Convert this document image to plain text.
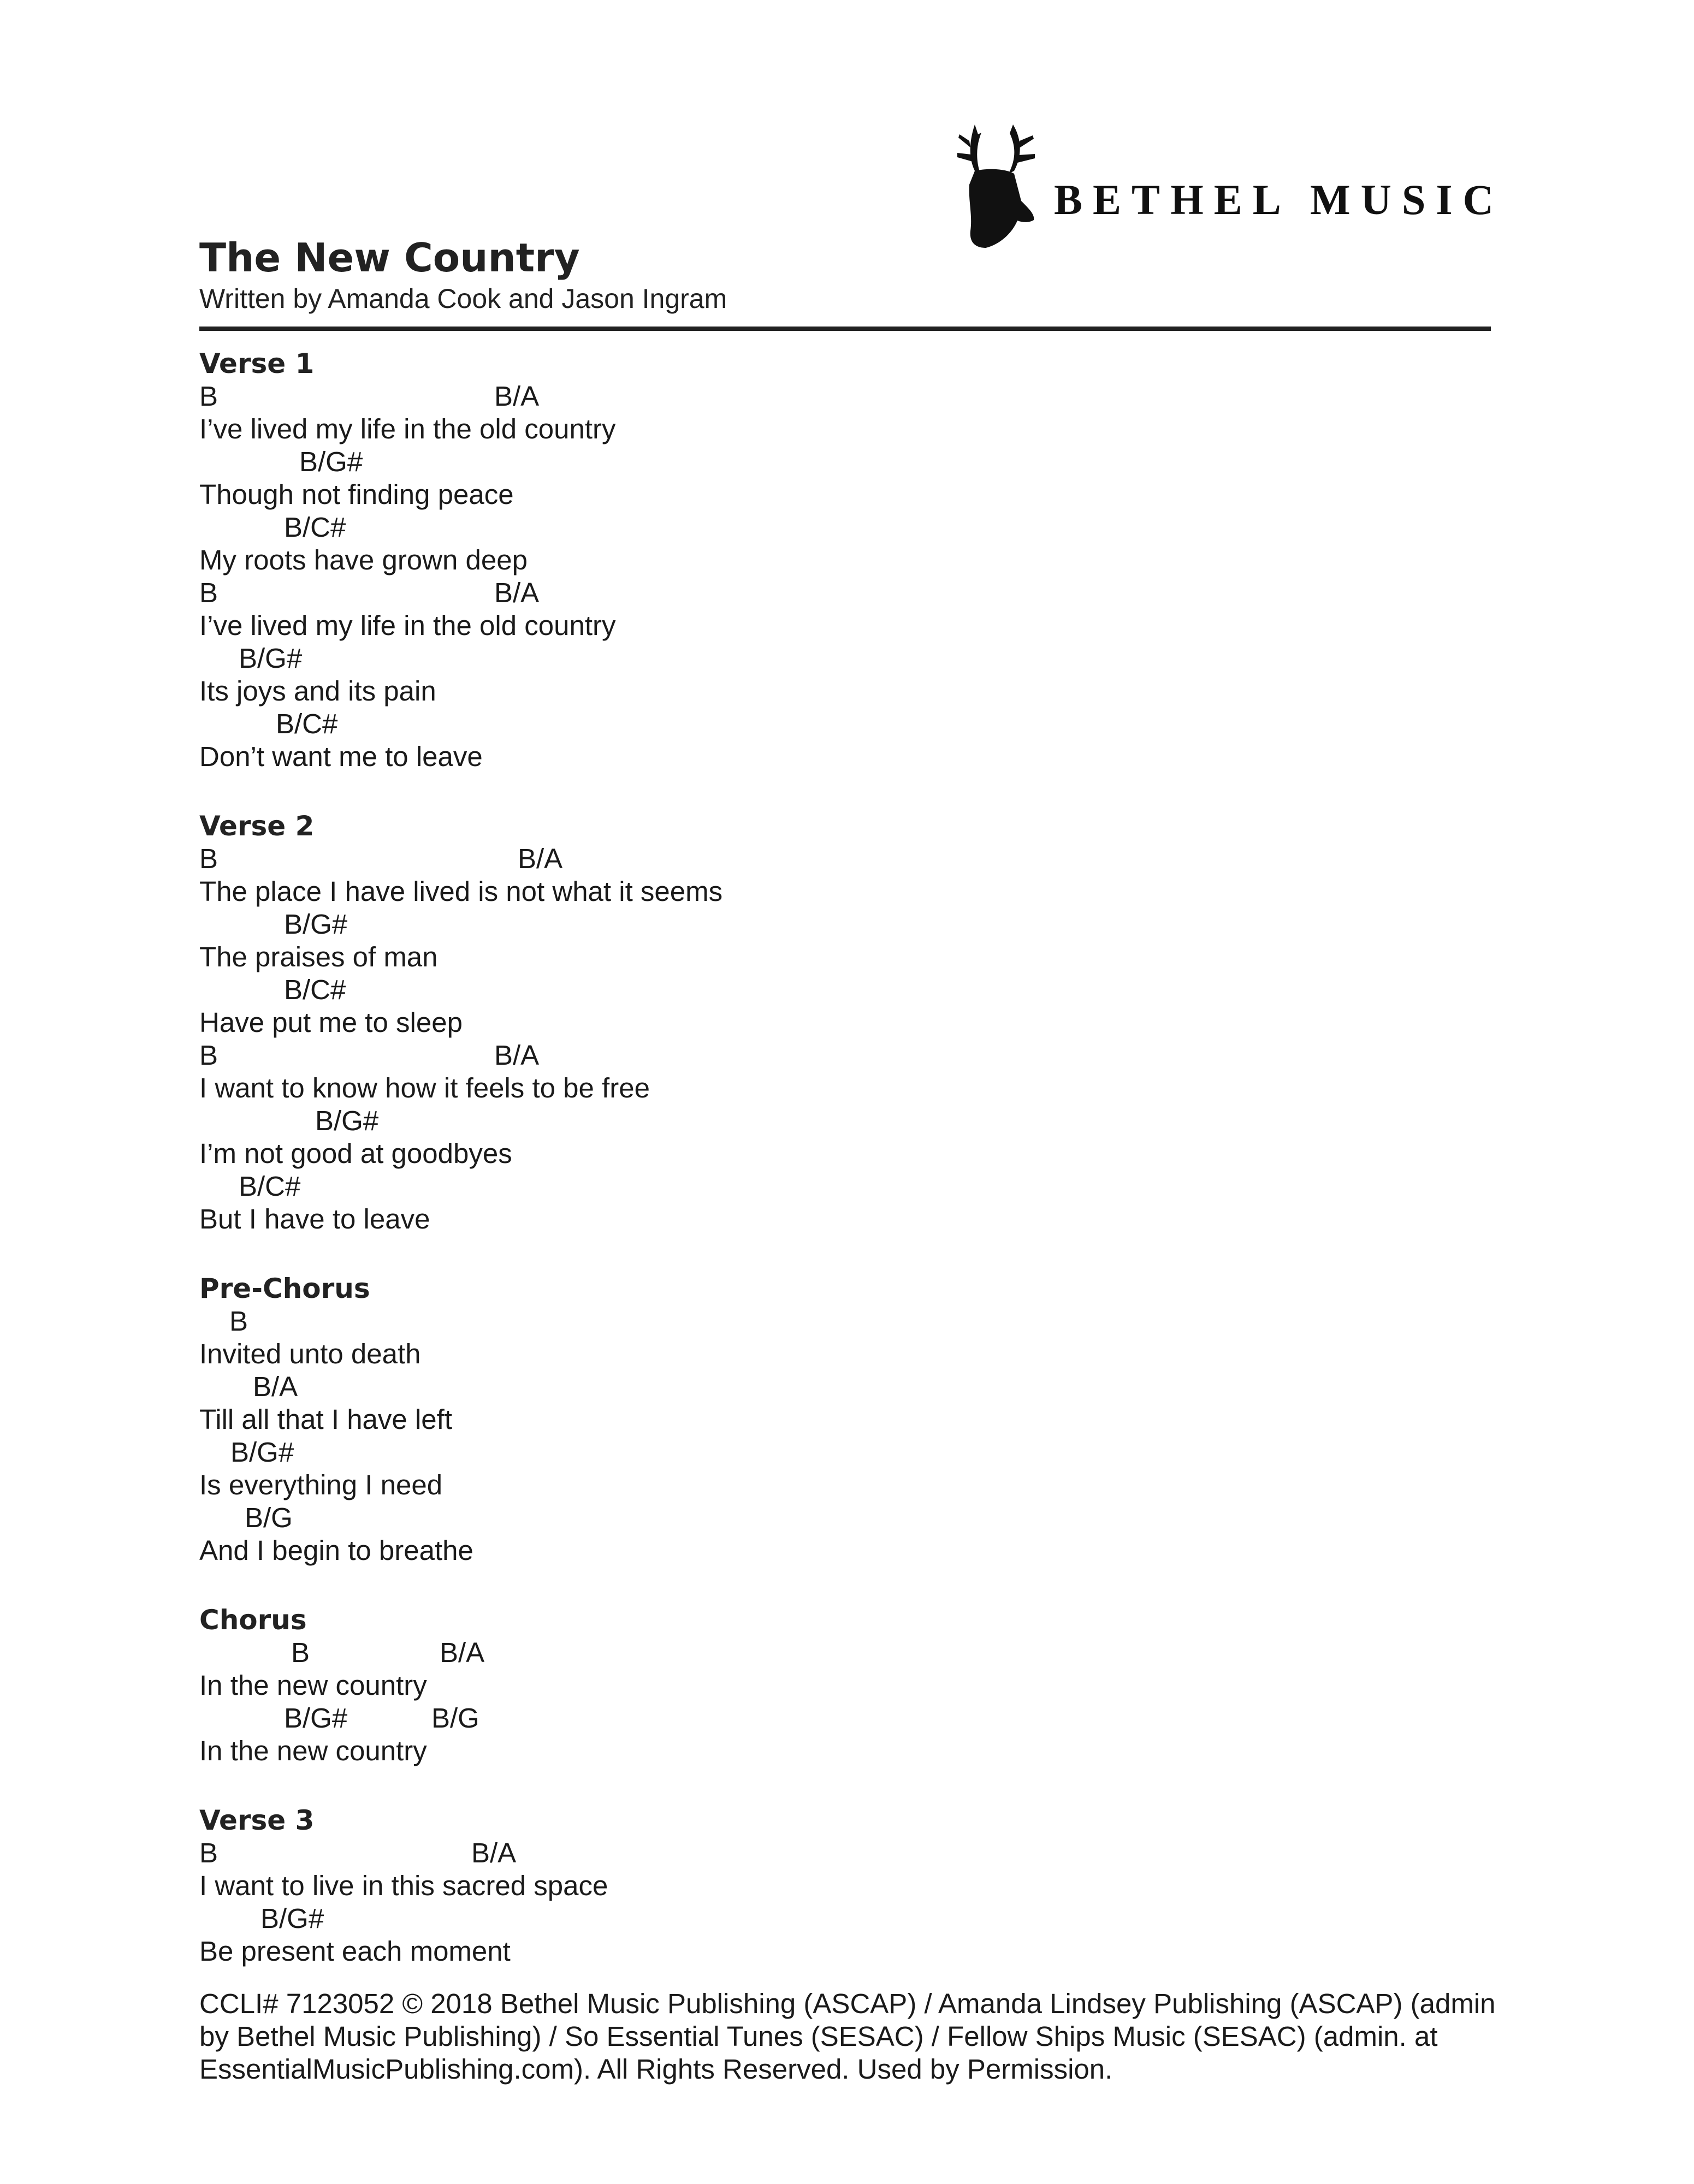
BETHEL MUSIC
The New Country
Written by Amanda Cook and Jason Ingram
Verse 1
B	B/A
I’ve lived my life in the old country
B/G#
Though not finding peace
B/C#
My roots have grown deep
B	B/A
I’ve lived my life in the old country
B/G#
Its joys and its pain
B/C#
Don’t want me to leave
Verse 2
B	B/A
The place I have lived is not what it seems
B/G#
The praises of man
B/C#
Have put me to sleep
B	B/A
I want to know how it feels to be free
B/G#
I’m not good at goodbyes
B/C#
But I have to leave
Pre-Chorus
B
Invited unto death
B/A
Till all that I have left
B/G#
Is everything I need
B/G
And I begin to breathe
Chorus
B	B/A
In the new country
B/G#	B/G
In the new country
Verse 3
B	B/A
I want to live in this sacred space
B/G#
Be present each moment
CCLI# 7123052 © 2018 Bethel Music Publishing (ASCAP) / Amanda Lindsey Publishing (ASCAP) (admin by Bethel Music Publishing) / So Essential Tunes (SESAC) / Fellow Ships Music (SESAC) (admin. at EssentialMusicPublishing.com). All Rights Reserved. Used by Permission.
